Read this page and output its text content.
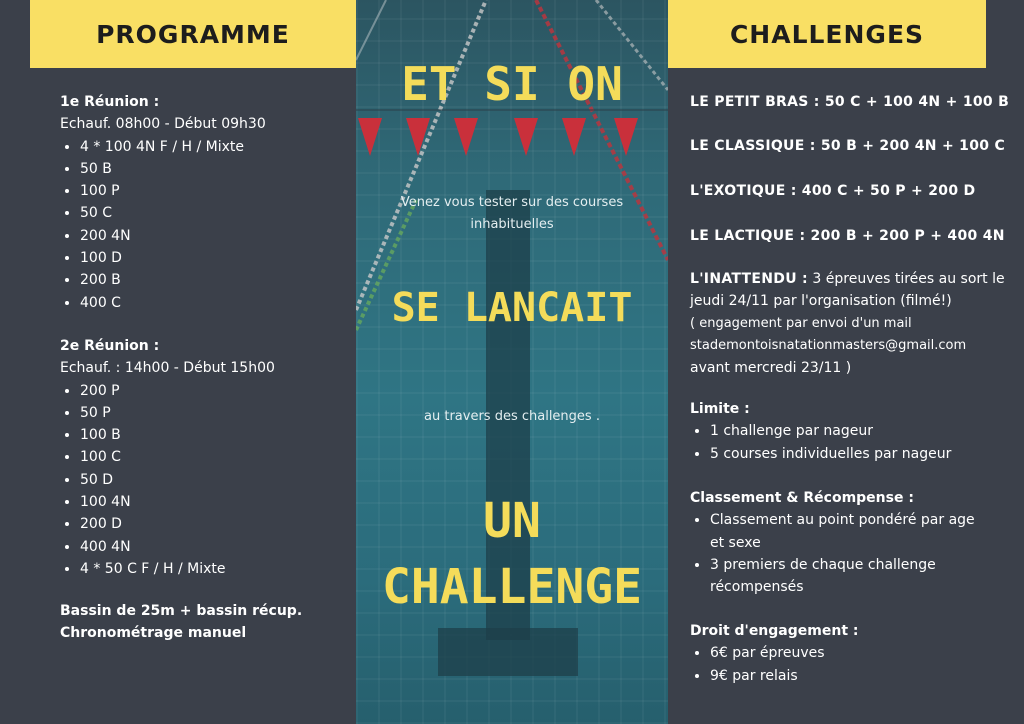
PROGRAMME
1e Réunion :
Echauf. 08h00 - Début 09h30
• 4 * 100 4N F / H / Mixte
• 50 B
• 100 P
• 50 C
• 200 4N
• 100 D
• 200 B
• 400 C
2e Réunion :
Echauf. : 14h00 - Début 15h00
• 200 P
• 50 P
• 100 B
• 100 C
• 50 D
• 100 4N
• 200 D
• 400 4N
• 4 * 50 C F / H / Mixte
Bassin de 25m + bassin récup.
Chronométrage manuel
ET SI ON
Venez vous tester sur des courses inhabituelles
SE LANCAIT
au travers des challenges .
UN
CHALLENGE
CHALLENGES
LE PETIT BRAS : 50 C + 100 4N + 100 B
LE CLASSIQUE : 50 B + 200 4N + 100 C
L'EXOTIQUE : 400 C + 50 P + 200 D
LE LACTIQUE : 200 B + 200 P + 400 4N
L'INATTENDU : 3 épreuves tirées au sort le jeudi 24/11 par l'organisation (filmé!)
( engagement par envoi d'un mail
stademontoisnatationmasters@gmail.com
avant mercredi 23/11 )
Limite :
• 1 challenge par nageur
• 5 courses individuelles par nageur
Classement & Récompense :
• Classement au point pondéré par age et sexe
• 3 premiers de chaque challenge récompensés
Droit d'engagement :
• 6€ par épreuves
• 9€ par relais
